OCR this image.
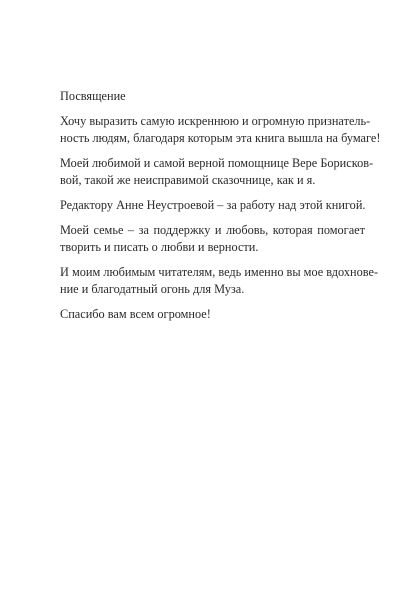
Посвящение
Хочу выразить самую искреннюю и огромную признатель-
ность людям, благодаря которым эта книга вышла на бумаге!
Моей любимой и самой верной помощнице Вере Борисков-
вой, такой же неисправимой сказочнице, как и я.
Редактору Анне Неустроевой – за работу над этой книгой.
Моей семье – за поддержку и любовь, которая помогает
творить и писать о любви и верности.
И моим любимым читателям, ведь именно вы мое вдохнове-
ние и благодатный огонь для Муза.
Спасибо вам всем огромное!
